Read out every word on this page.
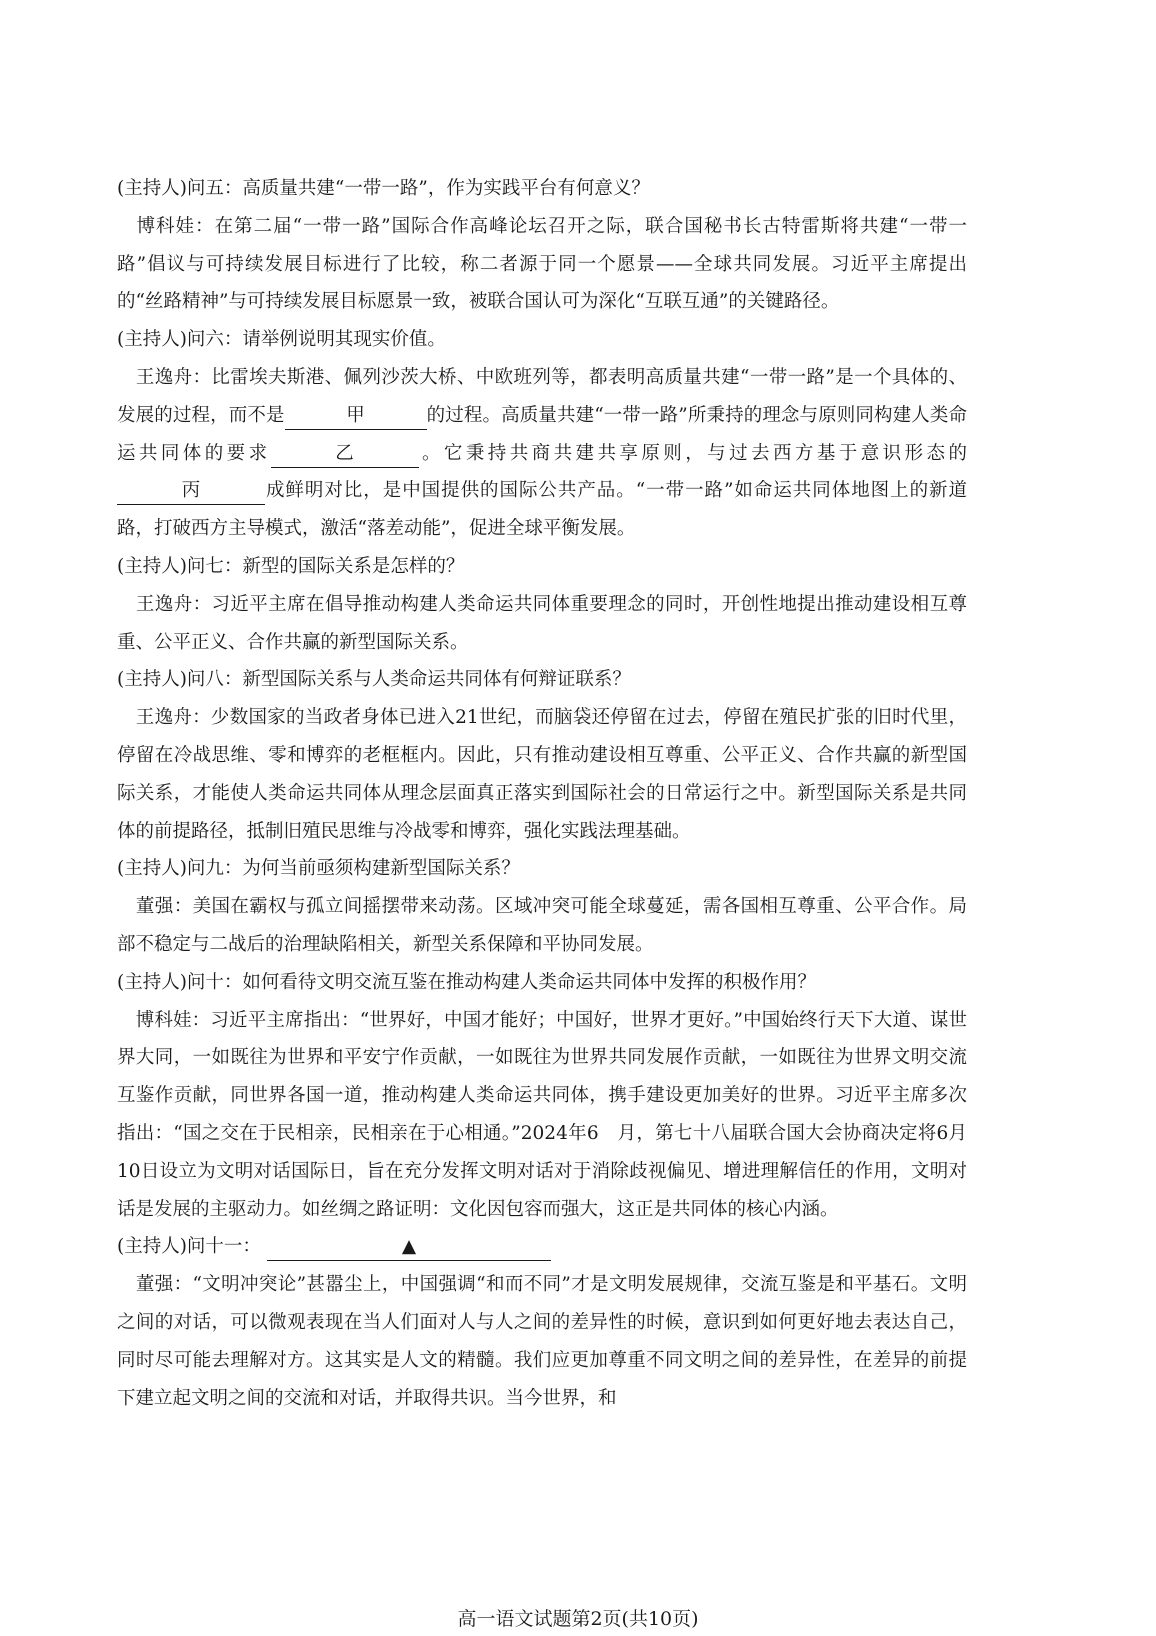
(主持人)问五：高质量共建“一带一路”，作为实践平台有何意义？

　博科娃：在第二届“一带一路”国际合作高峰论坛召开之际，联合国秘书长古特雷斯将共建“一带一路”倡议与可持续发展目标进行了比较，称二者源于同一个愿景——全球共同发展。习近平主席提出的“丝路精神”与可持续发展目标愿景一致，被联合国认可为深化“互联互通”的关键路径。

(主持人)问六：请举例说明其现实价值。

　王逸舟：比雷埃夫斯港、佩列沙茨大桥、中欧班列等，都表明高质量共建“一带一路”是一个具体的、发展的过程，而不是	甲	的过程。高质量共建“一带一路”所秉持的理念与原则同构建人类命运共同体的要求	乙	。它秉持共商共建共享原则，与过去西方基于意识形态的丙	成鲜明对比，是中国提供的国际公共产品。“一带一路”如命运共同体地图上的新道路，打破西方主导模式，激活“落差动能”，促进全球平衡发展。

(主持人)问七：新型的国际关系是怎样的？

　王逸舟：习近平主席在倡导推动构建人类命运共同体重要理念的同时，开创性地提出推动建设相互尊重、公平正义、合作共赢的新型国际关系。

(主持人)问八：新型国际关系与人类命运共同体有何辩证联系？

　王逸舟：少数国家的当政者身体已进入21世纪，而脑袋还停留在过去，停留在殖民扩张的旧时代里，停留在冷战思维、零和博弈的老框框内。因此，只有推动建设相互尊重、公平正义、合作共赢的新型国际关系，才能使人类命运共同体从理念层面真正落实到国际社会的日常运行之中。新型国际关系是共同体的前提路径，抵制旧殖民思维与冷战零和博弈，强化实践法理基础。

(主持人)问九：为何当前亟须构建新型国际关系？

　董强：美国在霸权与孤立间摇摆带来动荡。区域冲突可能全球蔓延，需各国相互尊重、公平合作。局部不稳定与二战后的治理缺陷相关，新型关系保障和平协同发展。

(主持人)问十：如何看待文明交流互鉴在推动构建人类命运共同体中发挥的积极作用？

　博科娃：习近平主席指出：“世界好，中国才能好；中国好，世界才更好。”中国始终行天下大道、谋世界大同，一如既往为世界和平安宁作贡献，一如既往为世界共同发展作贡献，一如既往为世界文明交流互鉴作贡献，同世界各国一道，推动构建人类命运共同体，携手建设更加美好的世界。习近平主席多次指出：“国之交在于民相亲，民相亲在于心相通。”2024年6　月，第七十八届联合国大会协商决定将6月10日设立为文明对话国际日，旨在充分发挥文明对话对于消除歧视偏见、增进理解信任的作用，文明对话是发展的主驱动力。如丝绸之路证明：文化因包容而强大，这正是共同体的核心内涵。

(主持人)问十一：	▲

　董强：“文明冲突论”甚嚣尘上，中国强调“和而不同”才是文明发展规律，交流互鉴是和平基石。文明之间的对话，可以微观表现在当人们面对人与人之间的差异性的时候，意识到如何更好地去表达自己，同时尽可能去理解对方。这其实是人文的精髓。我们应更加尊重不同文明之间的差异性，在差异的前提下建立起文明之间的交流和对话，并取得共识。当今世界，和

高一语文试题第2页(共10页)
